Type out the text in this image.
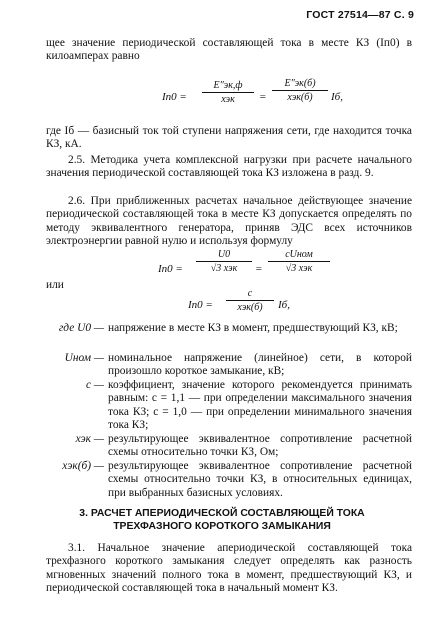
ГОСТ 27514—87 С. 9
щее значение периодической составляющей тока в месте КЗ (Iп0) в килоамперах равно
Iп0 =
E″эк,ф
xэк	=
E″эк(б)
xэк(б)	Iб,
где Iб — базисный ток той ступени напряжения сети, где находится точка КЗ, кА.
2.5. Методика учета комплексной нагрузки при расчете начального значения периодической составляющей тока КЗ изложена в разд. 9.
2.6. При приближенных расчетах начальное действующее значение периодической составляющей тока в месте КЗ допускается определять по методу эквивалентного генератора, приняв ЭДС всех источников электроэнергии равной нулю и используя формулу
Iп0 =
U0
√3 xэк	=
cUном
√3 xэк
или
Iп0 =
c
xэк(б)	Iб,
где U0 — напряжение в месте КЗ в момент, предшествующий КЗ, кВ;
Uном — номинальное напряжение (линейное) сети, в которой произошло короткое замыкание, кВ;
c — коэффициент, значение которого рекомендуется принимать равным: c = 1,1 — при определении максимального значения тока КЗ; c = 1,0 — при определении минимального значения тока КЗ;
xэк — результирующее эквивалентное сопротивление расчетной схемы относительно точки КЗ, Ом;
xэк(б) — результирующее эквивалентное сопротивление расчетной схемы относительно точки КЗ, в относительных единицах, при выбранных базисных условиях.
3. РАСЧЕТ АПЕРИОДИЧЕСКОЙ СОСТАВЛЯЮЩЕЙ ТОКА
ТРЕХФАЗНОГО КОРОТКОГО ЗАМЫКАНИЯ
3.1. Начальное значение апериодической составляющей тока трехфазного короткого замыкания следует определять как разность мгновенных значений полного тока в момент, предшествующий КЗ, и периодической составляющей тока в начальный момент КЗ.
